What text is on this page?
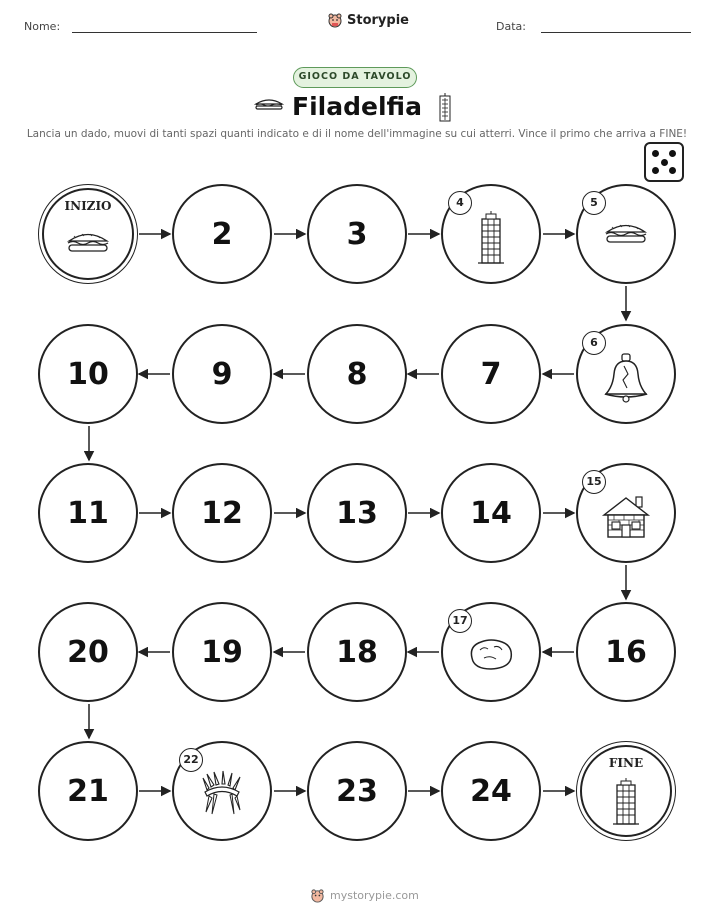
Nome:	Storypie	Data:
GIOCO DA TAVOLO
Filadelfia
Lancia un dado, muovi di tanti spazi quanti indicato e di il nome dell'immagine su cui atterri. Vince il primo che arriva a FINE!
INIZIO
2	3
4	5
10	9	8	7
6
11	12	13	14
15
20	19	18
17
16
21
22
23	24
FINE
mystorypie.com
